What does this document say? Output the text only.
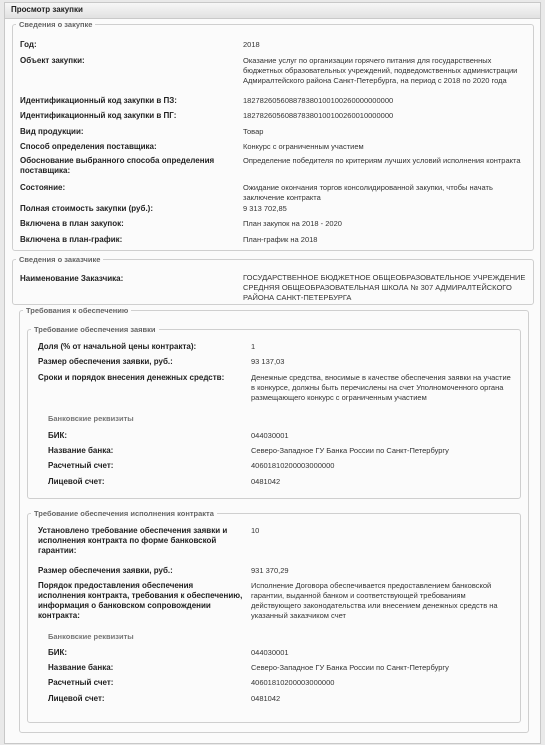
Просмотр закупки
Сведения о закупке
Год:	2018
Объект закупки:	Оказание услуг по организации горячего питания для государственных бюджетных образовательных учреждений, подведомственных администрации Адмиралтейского района Санкт-Петербурга, на период с 2018 по 2020 года
Идентификационный код закупки в ПЗ:	182782605608878380100100260000000000
Идентификационный код закупки в ПГ:	182782605608878380100100260010000000
Вид продукции:	Товар
Способ определения поставщика:	Конкурс с ограниченным участием
Обоснование выбранного способа определения поставщика:
Определение победителя по критериям лучших условий исполнения контракта
Состояние:	Ожидание окончания торгов консолидированной закупки, чтобы начать заключение контракта
Полная стоимость закупки (руб.):	9 313 702,85
Включена в план закупок:	План закупок на 2018 - 2020
Включена в план-график:	План-график на 2018
Сведения о заказчике
Наименование Заказчика:	ГОСУДАРСТВЕННОЕ БЮДЖЕТНОЕ ОБЩЕОБРАЗОВАТЕЛЬНОЕ УЧРЕЖДЕНИЕ СРЕДНЯЯ ОБЩЕОБРАЗОВАТЕЛЬНАЯ ШКОЛА № 307 АДМИРАЛТЕЙСКОГО РАЙОНА САНКТ-ПЕТЕРБУРГА
Требования к обеспечению
Требование обеспечения заявки
Доля (% от начальной цены контракта):	1
Размер обеспечения заявки, руб.:	93 137,03
Сроки и порядок внесения денежных средств:	Денежные средства, вносимые в качестве обеспечения заявки на участие в конкурсе, должны быть перечислены на счет Уполномоченного органа размещающего конкурс с ограниченным участием
Банковские реквизиты
БИК:	044030001
Название банка:	Северо-Западное ГУ Банка России по Санкт-Петербургу
Расчетный счет:	40601810200003000000
Лицевой счет:	0481042
Требование обеспечения исполнения контракта
Установлено требование обеспечения заявки и исполнения контракта по форме банковской гарантии:
10
Размер обеспечения заявки, руб.:	931 370,29
Порядок предоставления обеспечения исполнения контракта, требования к обеспечению, информация о банковском сопровождении контракта:
Исполнение Договора обеспечивается предоставлением банковской гарантии, выданной банком и соответствующей требованиям действующего законодательства или внесением денежных средств на указанный заказчиком счет
Банковские реквизиты
БИК:	044030001
Название банка:	Северо-Западное ГУ Банка России по Санкт-Петербургу
Расчетный счет:	40601810200003000000
Лицевой счет:	0481042
